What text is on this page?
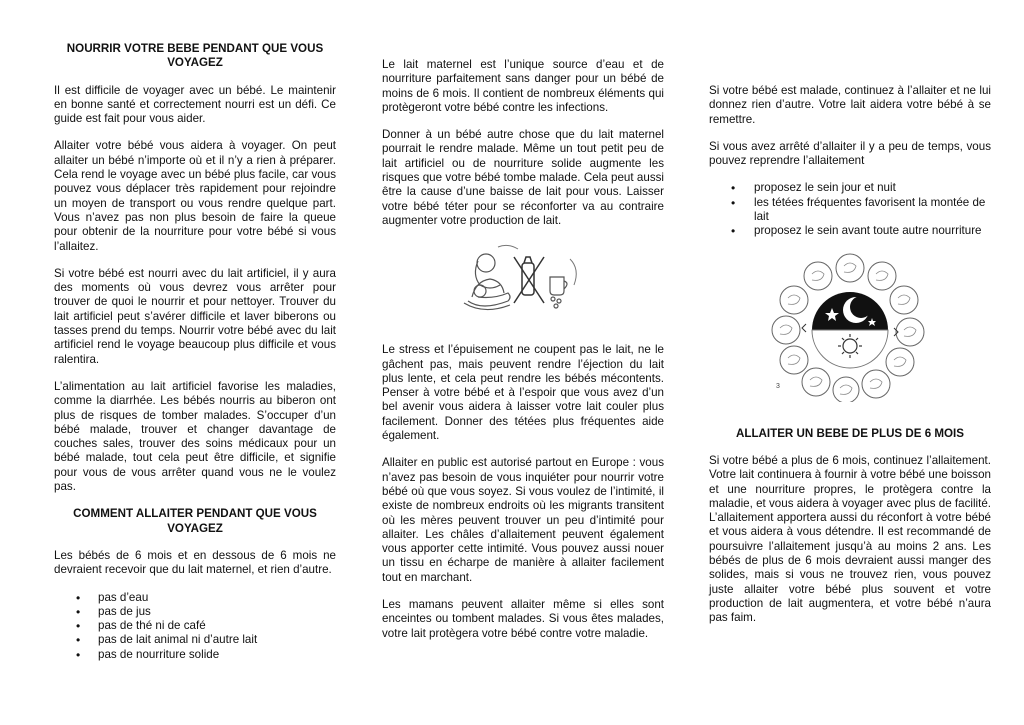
NOURRIR VOTRE BEBE PENDANT QUE VOUS VOYAGEZ

Il est difficile de voyager avec un bébé. Le maintenir en bonne santé et correctement nourri est un défi. Ce guide est fait pour vous aider.

Allaiter votre bébé vous aidera à voyager. On peut allaiter un bébé n’importe où et il n’y a rien à préparer. Cela rend le voyage avec un bébé plus facile, car vous pouvez vous déplacer très rapidement pour rejoindre un moyen de transport ou vous rendre quelque part. Vous n’avez pas non plus besoin de faire la queue pour obtenir de la nourriture pour votre bébé si vous l’allaitez.

Si votre bébé est nourri avec du lait artificiel, il y aura des moments où vous devrez vous arrêter pour trouver de quoi le nourrir et pour nettoyer. Trouver du lait artificiel peut s’avérer difficile et laver biberons ou tasses prend du temps. Nourrir votre bébé avec du lait artificiel rend le voyage beaucoup plus difficile et vous ralentira.

L’alimentation au lait artificiel favorise les maladies, comme la diarrhée. Les bébés nourris au biberon ont plus de risques de tomber malades. S’occuper d’un bébé malade, trouver et changer davantage de couches sales, trouver des soins médicaux pour un bébé malade, tout cela peut être difficile, et signifie pour vous de vous arrêter quand vous ne le voulez pas.

COMMENT ALLAITER PENDANT QUE VOUS VOYAGEZ

Les bébés de 6 mois et en dessous de 6 mois ne devraient recevoir que du lait maternel, et rien d’autre.

• pas d’eau
• pas de jus
• pas de thé ni de café
• pas de lait animal ni d’autre lait
• pas de nourriture solide

Le lait maternel est l’unique source d’eau et de nourriture parfaitement sans danger pour un bébé de moins de 6 mois. Il contient de nombreux éléments qui protègeront votre bébé contre les infections.

Donner à un bébé autre chose que du lait maternel pourrait le rendre malade. Même un tout petit peu de lait artificiel ou de nourriture solide augmente les risques que votre bébé tombe malade. Cela peut aussi être la cause d’une baisse de lait pour vous. Laisser votre bébé téter pour se réconforter va au contraire augmenter votre production de lait.

Le stress et l’épuisement ne coupent pas le lait, ne le gâchent pas, mais peuvent rendre l’éjection du lait plus lente, et cela peut rendre les bébés mécontents. Penser à votre bébé et à l’espoir que vous avez d’un bel avenir vous aidera à laisser votre lait couler plus facilement. Donner des tétées plus fréquentes aide également.

Allaiter en public est autorisé partout en Europe : vous n’avez pas besoin de vous inquiéter pour nourrir votre bébé où que vous soyez. Si vous voulez de l’intimité, il existe de nombreux endroits où les migrants transitent où les mères peuvent trouver un peu d’intimité pour allaiter. Les châles d’allaitement peuvent également vous apporter cette intimité. Vous pouvez aussi nouer un tissu en écharpe de manière à allaiter facilement tout en marchant.

Les mamans peuvent allaiter même si elles sont enceintes ou tombent malades. Si vous êtes malades, votre lait protègera votre bébé contre votre maladie.

Si votre bébé est malade, continuez à l’allaiter et ne lui donnez rien d’autre. Votre lait aidera votre bébé à se remettre.

Si vous avez arrêté d’allaiter il y a peu de temps, vous pouvez reprendre l’allaitement

• proposez le sein jour et nuit
• les tétées fréquentes favorisent la montée de lait
• proposez le sein avant toute autre nourriture
3
ALLAITER UN BEBE DE PLUS DE 6 MOIS

Si votre bébé a plus de 6 mois, continuez l’allaitement. Votre lait continuera à fournir à votre bébé une boisson et une nourriture propres, le protègera contre la maladie, et vous aidera à voyager avec plus de facilité. L’allaitement apportera aussi du réconfort à votre bébé et vous aidera à vous détendre. Il est recommandé de poursuivre l’allaitement jusqu’à au moins 2 ans. Les bébés de plus de 6 mois devraient aussi manger des solides, mais si vous ne trouvez rien, vous pouvez juste allaiter votre bébé plus souvent et votre production de lait augmentera, et votre bébé n’aura pas faim.
